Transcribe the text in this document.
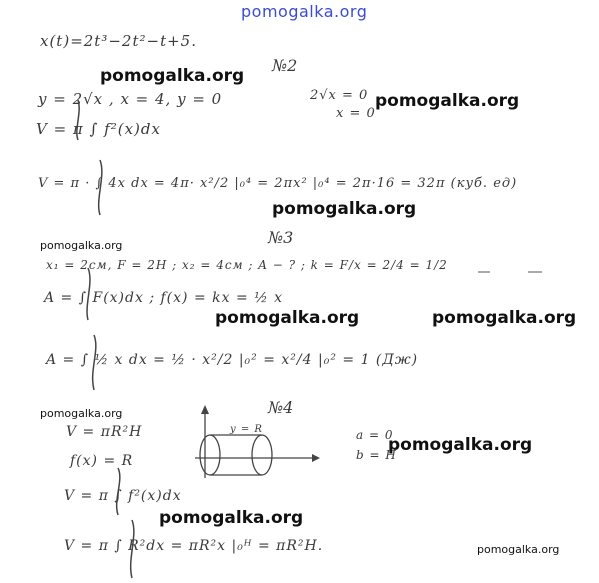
pomogalka.org
pomogalka.org
pomogalka.org
pomogalka.org
pomogalka.org
pomogalka.org	pomogalka.org
pomogalka.org
pomogalka.org
pomogalka.org
pomogalka.org
x(t)=2t³−2t²−t+5.
№2
y = 2√x , x = 4, y = 0	2√x = 0
x = 0
V = π ∫ f²(x)dx
V = π · ∫ 4x dx = 4π· x²/2 |₀⁴ = 2πx² |₀⁴ = 2π·16 = 32π (куб. ед)
№3
x₁ = 2см, F = 2Н ; x₂ = 4см ; A − ? ; k = F/x = 2/4 = 1/2
A = ∫ F(x)dx ; f(x) = kx = ½ x
A = ∫ ½ x dx = ½ · x²/2 |₀² = x²/4 |₀² = 1 (Дж)
№4
V = πR²H
f(x) = R
V = π ∫ f²(x)dx
V = π ∫ R²dx = πR²x |₀ᴴ = πR²H.
y = R	a = 0
b = H
